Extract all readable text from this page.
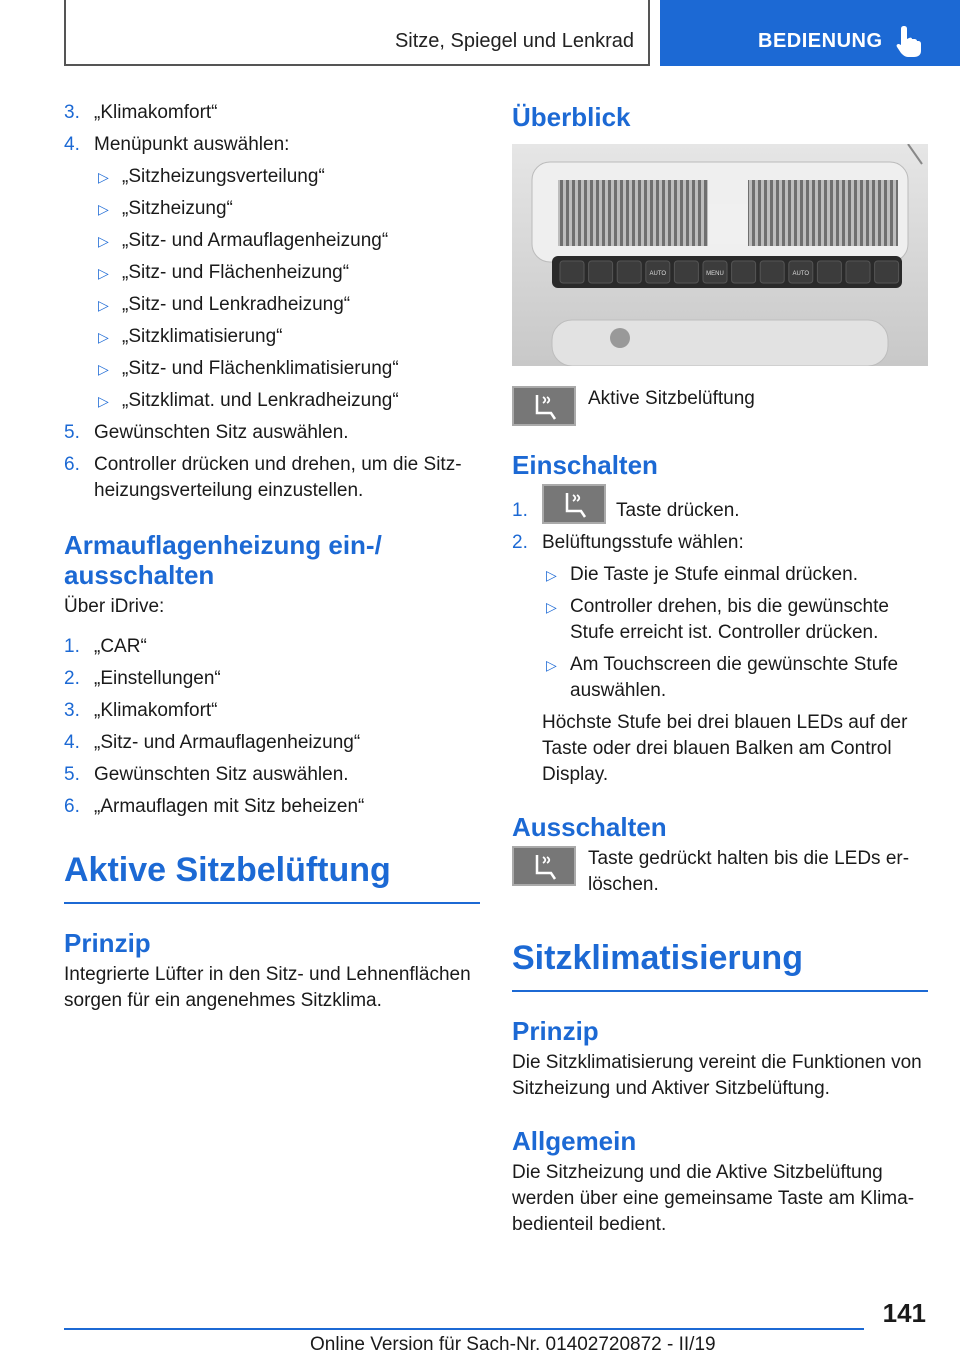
Sitze, Spiegel und Lenkrad	BEDIENUNG
3. „Klimakomfort“
4. Menüpunkt auswählen:
▷ „Sitzheizungsverteilung“
▷ „Sitzheizung“
▷ „Sitz- und Armauflagenheizung“
▷ „Sitz- und Flächenheizung“
▷ „Sitz- und Lenkradheizung“
▷ „Sitzklimatisierung“
▷ „Sitz- und Flächenklimatisierung“
▷ „Sitzklimat. und Lenkradheizung“
5. Gewünschten Sitz auswählen.
6. Controller drücken und drehen, um die Sitzheizungsverteilung einzustellen.
Armauflagenheizung ein-/ ausschalten

Über iDrive:

1. „CAR“
2. „Einstellungen“
3. „Klimakomfort“
4. „Sitz- und Armauflagenheizung“
5. Gewünschten Sitz auswählen.
6. „Armauflagen mit Sitz beheizen“
Aktive Sitzbelüftung
Prinzip

Integrierte Lüfter in den Sitz- und Lehnenflächen sorgen für ein angenehmes Sitzklima.

Überblick
AUTO	MENU	AUTO
Aktive Sitzbelüftung
Einschalten
1.	Taste drücken.
2. Belüftungsstufe wählen:
▷ Die Taste je Stufe einmal drücken.
▷ Controller drehen, bis die gewünschte Stufe erreicht ist. Controller drücken.
▷ Am Touchscreen die gewünschte Stufe auswählen.

Höchste Stufe bei drei blauen LEDs auf der Taste oder drei blauen Balken am Control Display.

Ausschalten
Taste gedrückt halten bis die LEDs erlöschen.
Sitzklimatisierung
Prinzip

Die Sitzklimatisierung vereint die Funktionen von Sitzheizung und Aktiver Sitzbelüftung.

Allgemein

Die Sitzheizung und die Aktive Sitzbelüftung werden über eine gemeinsame Taste am Klimabedienteil bedient.

141
Online Version für Sach-Nr. 01402720872 - II/19
